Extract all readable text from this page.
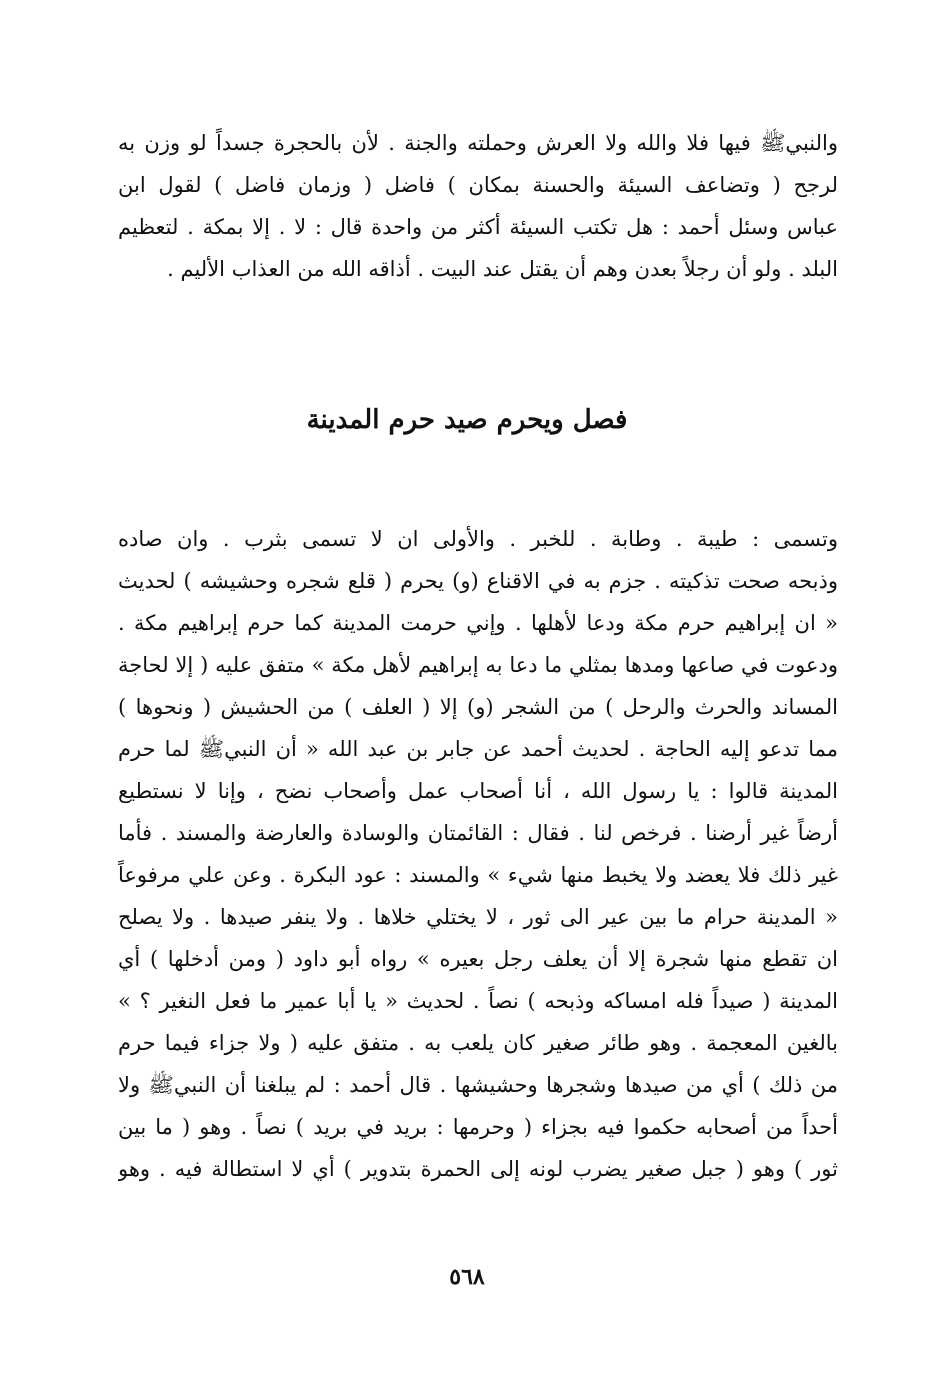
والنبيﷺ فيها فلا والله ولا العرش وحملته والجنة . لأن بالحجرة جسداً لو وزن به
لرجح ( وتضاعف السيئة والحسنة بمكان ) فاضل ( وزمان فاضل ) لقول ابن
عباس وسئل أحمد : هل تكتب السيئة أكثر من واحدة قال : لا . إلا بمكة . لتعظيم
البلد . ولو أن رجلاً بعدن وهم أن يقتل عند البيت . أذاقه الله من العذاب الأليم .
فصل ويحرم صيد حرم المدينة
وتسمى : طيبة . وطابة . للخبر . والأولى ان لا تسمى بثرب . وان صاده
وذبحه صحت تذكيته . جزم به في الاقناع (و) يحرم ( قلع شجره وحشيشه ) لحديث
« ان إبراهيم حرم مكة ودعا لأهلها . وإني حرمت المدينة كما حرم إبراهيم مكة .
ودعوت في صاعها ومدها بمثلي ما دعا به إبراهيم لأهل مكة » متفق عليه ( إلا لحاجة
المساند والحرث والرحل ) من الشجر (و) إلا ( العلف ) من الحشيش ( ونحوها )
مما تدعو إليه الحاجة . لحديث أحمد عن جابر بن عبد الله « أن النبيﷺ لما حرم
المدينة قالوا : يا رسول الله ، أنا أصحاب عمل وأصحاب نضح ، وإنا لا نستطيع
أرضاً غير أرضنا . فرخص لنا . فقال : القائمتان والوسادة والعارضة والمسند . فأما
غير ذلك فلا يعضد ولا يخبط منها شيء » والمسند : عود البكرة . وعن علي مرفوعاً
« المدينة حرام ما بين عير الى ثور ، لا يختلي خلاها . ولا ينفر صيدها . ولا يصلح
ان تقطع منها شجرة إلا أن يعلف رجل بعيره » رواه أبو داود ( ومن أدخلها ) أي
المدينة ( صيداً فله امساكه وذبحه ) نصاً . لحديث « يا أبا عمير ما فعل النغير ؟ »
بالغين المعجمة . وهو طائر صغير كان يلعب به . متفق عليه ( ولا جزاء فيما حرم
من ذلك ) أي من صيدها وشجرها وحشيشها . قال أحمد : لم يبلغنا أن النبيﷺ ولا
أحداً من أصحابه حكموا فيه بجزاء ( وحرمها : بريد في بريد ) نصاً . وهو ( ما بين
ثور ) وهو ( جبل صغير يضرب لونه إلى الحمرة بتدوير ) أي لا استطالة فيه . وهو
٥٦٨
